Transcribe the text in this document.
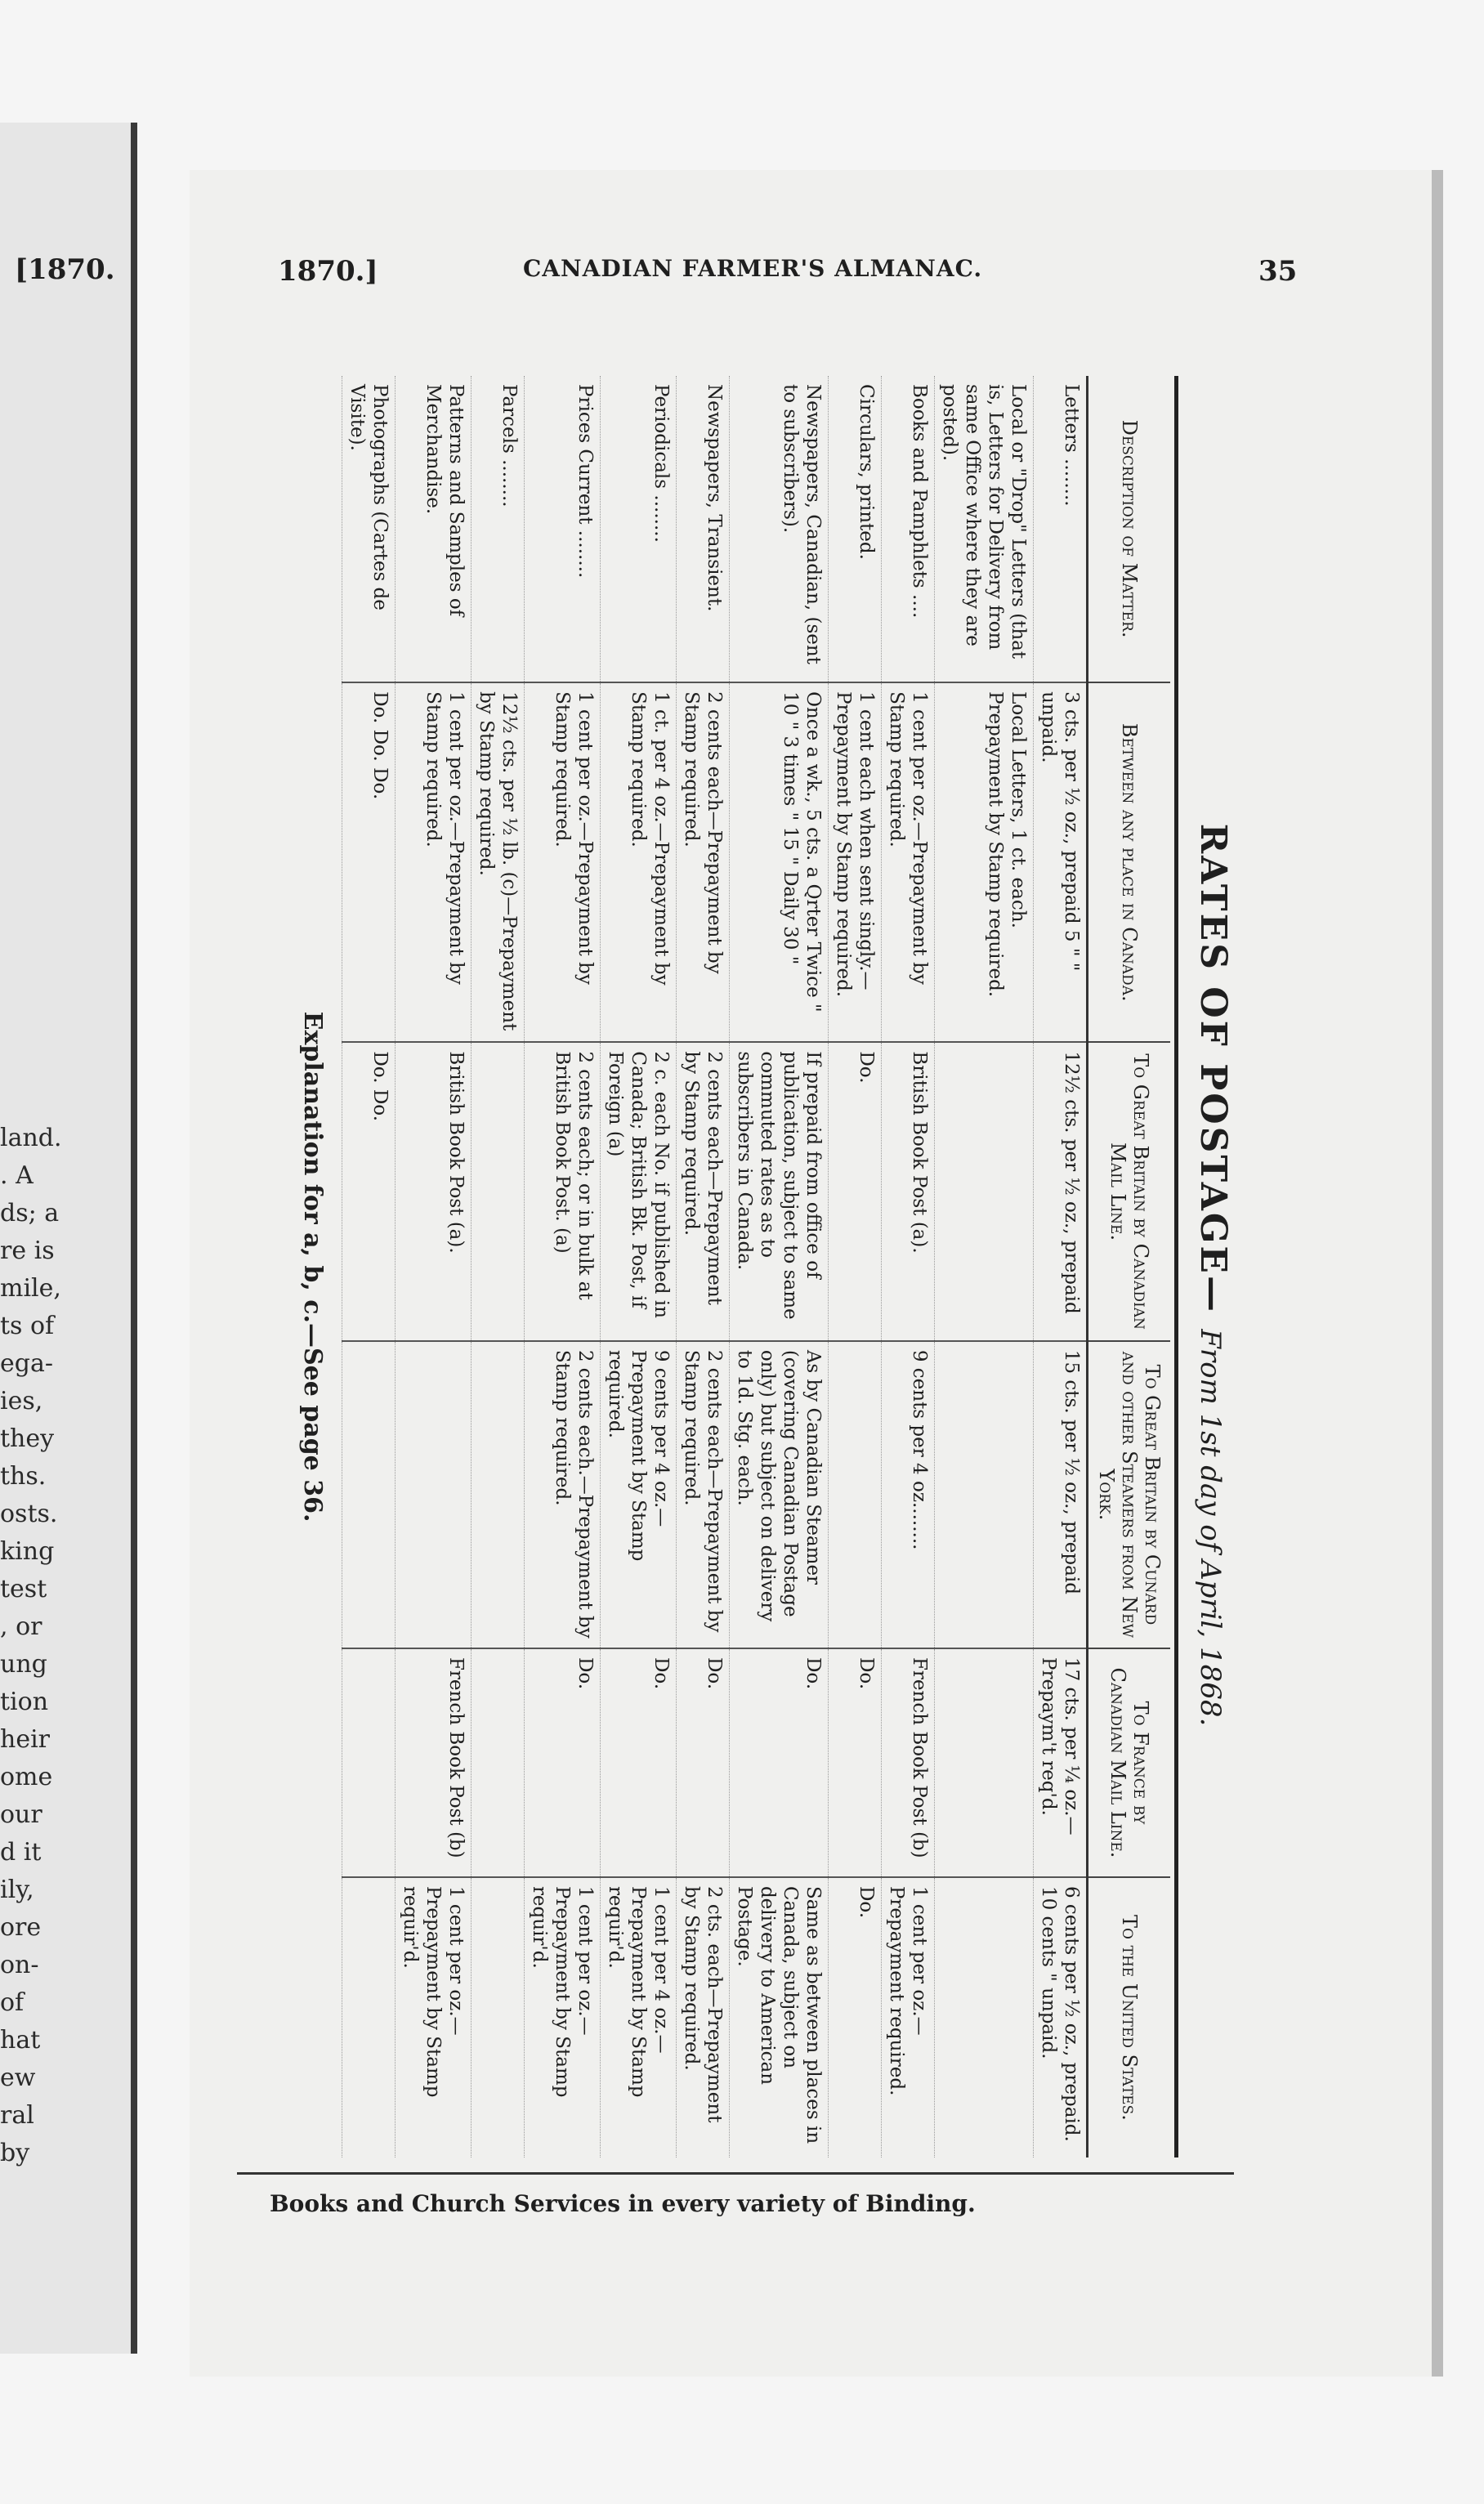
[1870.
land.
. A
ds; a
re is
mile,
ts of
ega-
ies,
they
ths.
osts.
king
test
, or
ung
tion
heir
ome
our
d it
ily,
ore
on-
of
hat
ew
ral
by
1870.]	CANADIAN FARMER'S ALMANAC.	35
RATES OF POSTAGE— From 1st day of April, 1868.
Description of Matter.	Between any place in Canada.	To Great Britain by Canadian Mail Line.	To Great Britain by Cunard and other Steamers from New York.	To France by Canadian Mail Line.	To the United States.
Letters ........	3 cts. per ½ oz., prepaid 5 " " unpaid.	12½ cts. per ½ oz., prepaid	15 cts. per ½ oz., prepaid	17 cts. per ¼ oz.— Prepaym't req'd.	6 cents per ½ oz., prepaid. 10 cents " unpaid.
Local or "Drop" Letters (that is, Letters for Delivery from same Office where they are posted).	Local Letters, 1 ct. each. Prepayment by Stamp required.				
Books and Pamphlets ....	1 cent per oz.—Prepayment by Stamp required.	British Book Post (a).	9 cents per 4 oz........	French Book Post (b)	1 cent per oz.—Prepayment required.
Circulars, printed.	1 cent each when sent singly.—Prepayment by Stamp required.	Do.		Do.	Do.
Newspapers, Canadian, (sent to subscribers).	Once a wk., 5 cts. a Qrter Twice " 10 " 3 times " 15 " Daily 30 "	If prepaid from office of publication, subject to same commuted rates as to subscribers in Canada.	As by Canadian Steamer (covering Canadian Postage only) but subject on delivery to 1d. Stg. each.	Do.	Same as between places in Canada, subject on delivery to American Postage.
Newspapers, Transient.	2 cents each—Prepayment by Stamp required.	2 cents each—Prepayment by Stamp required.	2 cents each—Prepayment by Stamp required.	Do.	2 cts. each—Prepayment by Stamp required.
Periodicals ........	1 ct. per 4 oz.—Prepayment by Stamp required.	2 c. each No. if published in Canada; British Bk. Post, if Foreign (a)	9 cents per 4 oz.—Prepayment by Stamp required.	Do.	1 cent per 4 oz.—Prepayment by Stamp requir'd.
Prices Current ........	1 cent per oz.—Prepayment by Stamp required.	2 cents each; or in bulk at British Book Post. (a)	2 cents each.—Prepayment by Stamp required.	Do.	1 cent per oz.—Prepayment by Stamp requir'd.
Parcels ........	12½ cts. per ½ lb. (c)—Prepayment by Stamp required.				
Patterns and Samples of Merchandise.	1 cent per oz.—Prepayment by Stamp required.	British Book Post (a).		French Book Post (b)	1 cent per oz.—Prepayment by Stamp requir'd.
Photographs (Cartes de Visite).	Do. Do. Do.	Do. Do.			
Explanation for a, b, c.—See page 36.
Books and Church Services in every variety of Binding.
